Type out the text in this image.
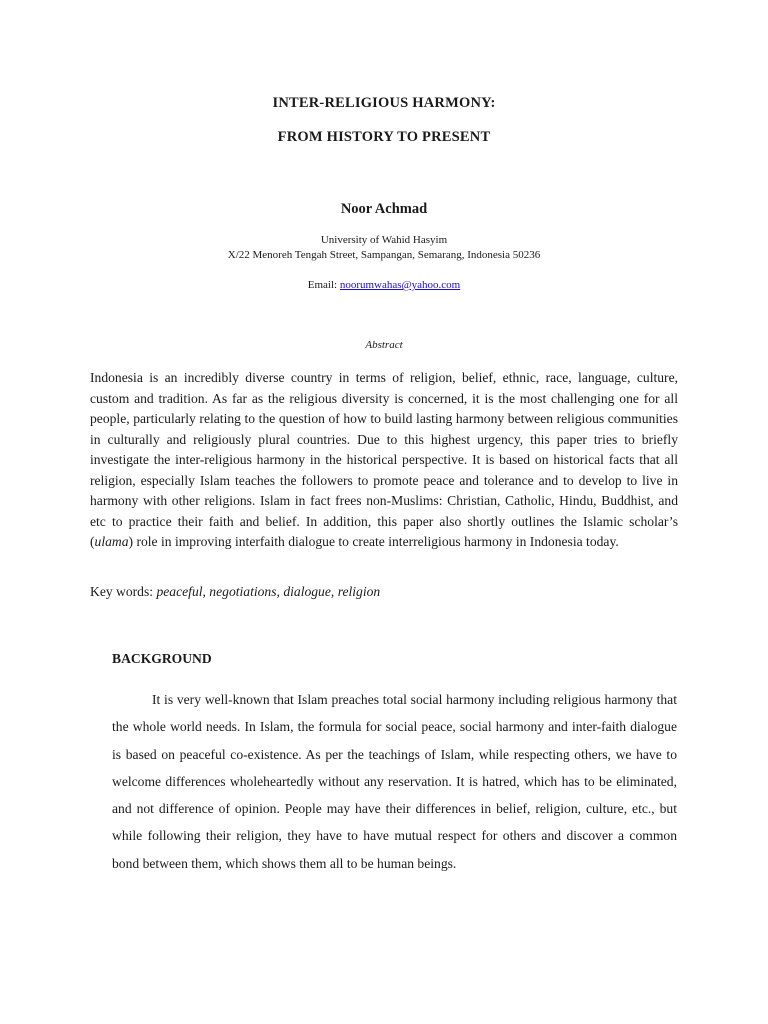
INTER-RELIGIOUS HARMONY:
FROM HISTORY TO PRESENT
Noor Achmad
University of Wahid Hasyim
X/22 Menoreh Tengah Street, Sampangan, Semarang, Indonesia 50236
Email: noorumwahas@yahoo.com
Abstract
Indonesia is an incredibly diverse country in terms of religion, belief, ethnic, race, language, culture, custom and tradition. As far as the religious diversity is concerned, it is the most challenging one for all people, particularly relating to the question of how to build lasting harmony between religious communities in culturally and religiously plural countries. Due to this highest urgency, this paper tries to briefly investigate the inter-religious harmony in the historical perspective. It is based on historical facts that all religion, especially Islam teaches the followers to promote peace and tolerance and to develop to live in harmony with other religions. Islam in fact frees non-Muslims: Christian, Catholic, Hindu, Buddhist, and etc to practice their faith and belief. In addition, this paper also shortly outlines the Islamic scholar’s (ulama) role in improving interfaith dialogue to create interreligious harmony in Indonesia today.
Key words: peaceful, negotiations, dialogue, religion
BACKGROUND
It is very well-known that Islam preaches total social harmony including religious harmony that the whole world needs. In Islam, the formula for social peace, social harmony and inter-faith dialogue is based on peaceful co-existence. As per the teachings of Islam, while respecting others, we have to welcome differences wholeheartedly without any reservation. It is hatred, which has to be eliminated, and not difference of opinion. People may have their differences in belief, religion, culture, etc., but while following their religion, they have to have mutual respect for others and discover a common bond between them, which shows them all to be human beings.
